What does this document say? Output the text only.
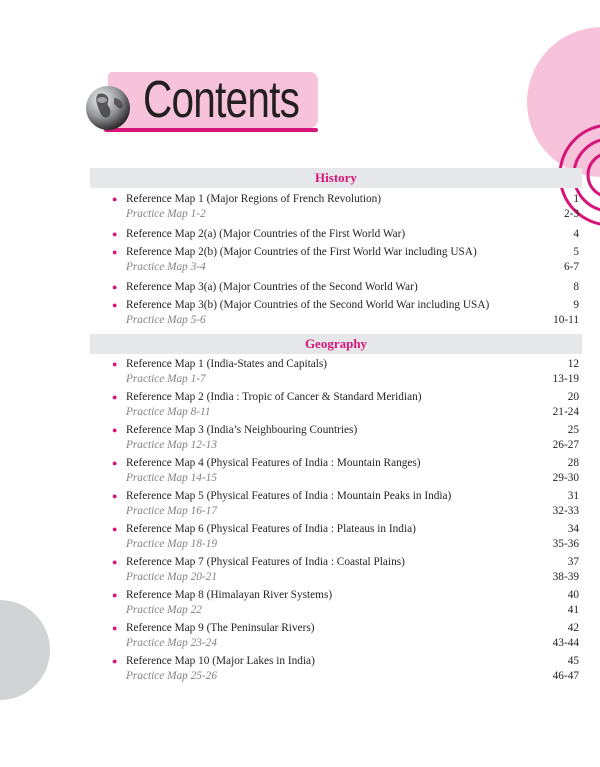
Contents
History
● Reference Map 1 (Major Regions of French Revolution)	1
Practice Map 1-2	2-3
● Reference Map 2(a) (Major Countries of the First World War)	4
● Reference Map 2(b) (Major Countries of the First World War including USA)	5
Practice Map 3-4	6-7
● Reference Map 3(a) (Major Countries of the Second World War)	8
● Reference Map 3(b) (Major Countries of the Second World War including USA)	9
Practice Map 5-6	10-11
Geography
● Reference Map 1 (India-States and Capitals)	12
Practice Map 1-7	13-19
● Reference Map 2 (India : Tropic of Cancer & Standard Meridian)	20
Practice Map 8-11	21-24
● Reference Map 3 (India’s Neighbouring Countries)	25
Practice Map 12-13	26-27
● Reference Map 4 (Physical Features of India : Mountain Ranges)	28
Practice Map 14-15	29-30
● Reference Map 5 (Physical Features of India : Mountain Peaks in India)	31
Practice Map 16-17	32-33
● Reference Map 6 (Physical Features of India : Plateaus in India)	34
Practice Map 18-19	35-36
● Reference Map 7 (Physical Features of India : Coastal Plains)	37
Practice Map 20-21	38-39
● Reference Map 8 (Himalayan River Systems)	40
Practice Map 22	41
● Reference Map 9 (The Peninsular Rivers)	42
Practice Map 23-24	43-44
● Reference Map 10 (Major Lakes in India)	45
Practice Map 25-26	46-47
